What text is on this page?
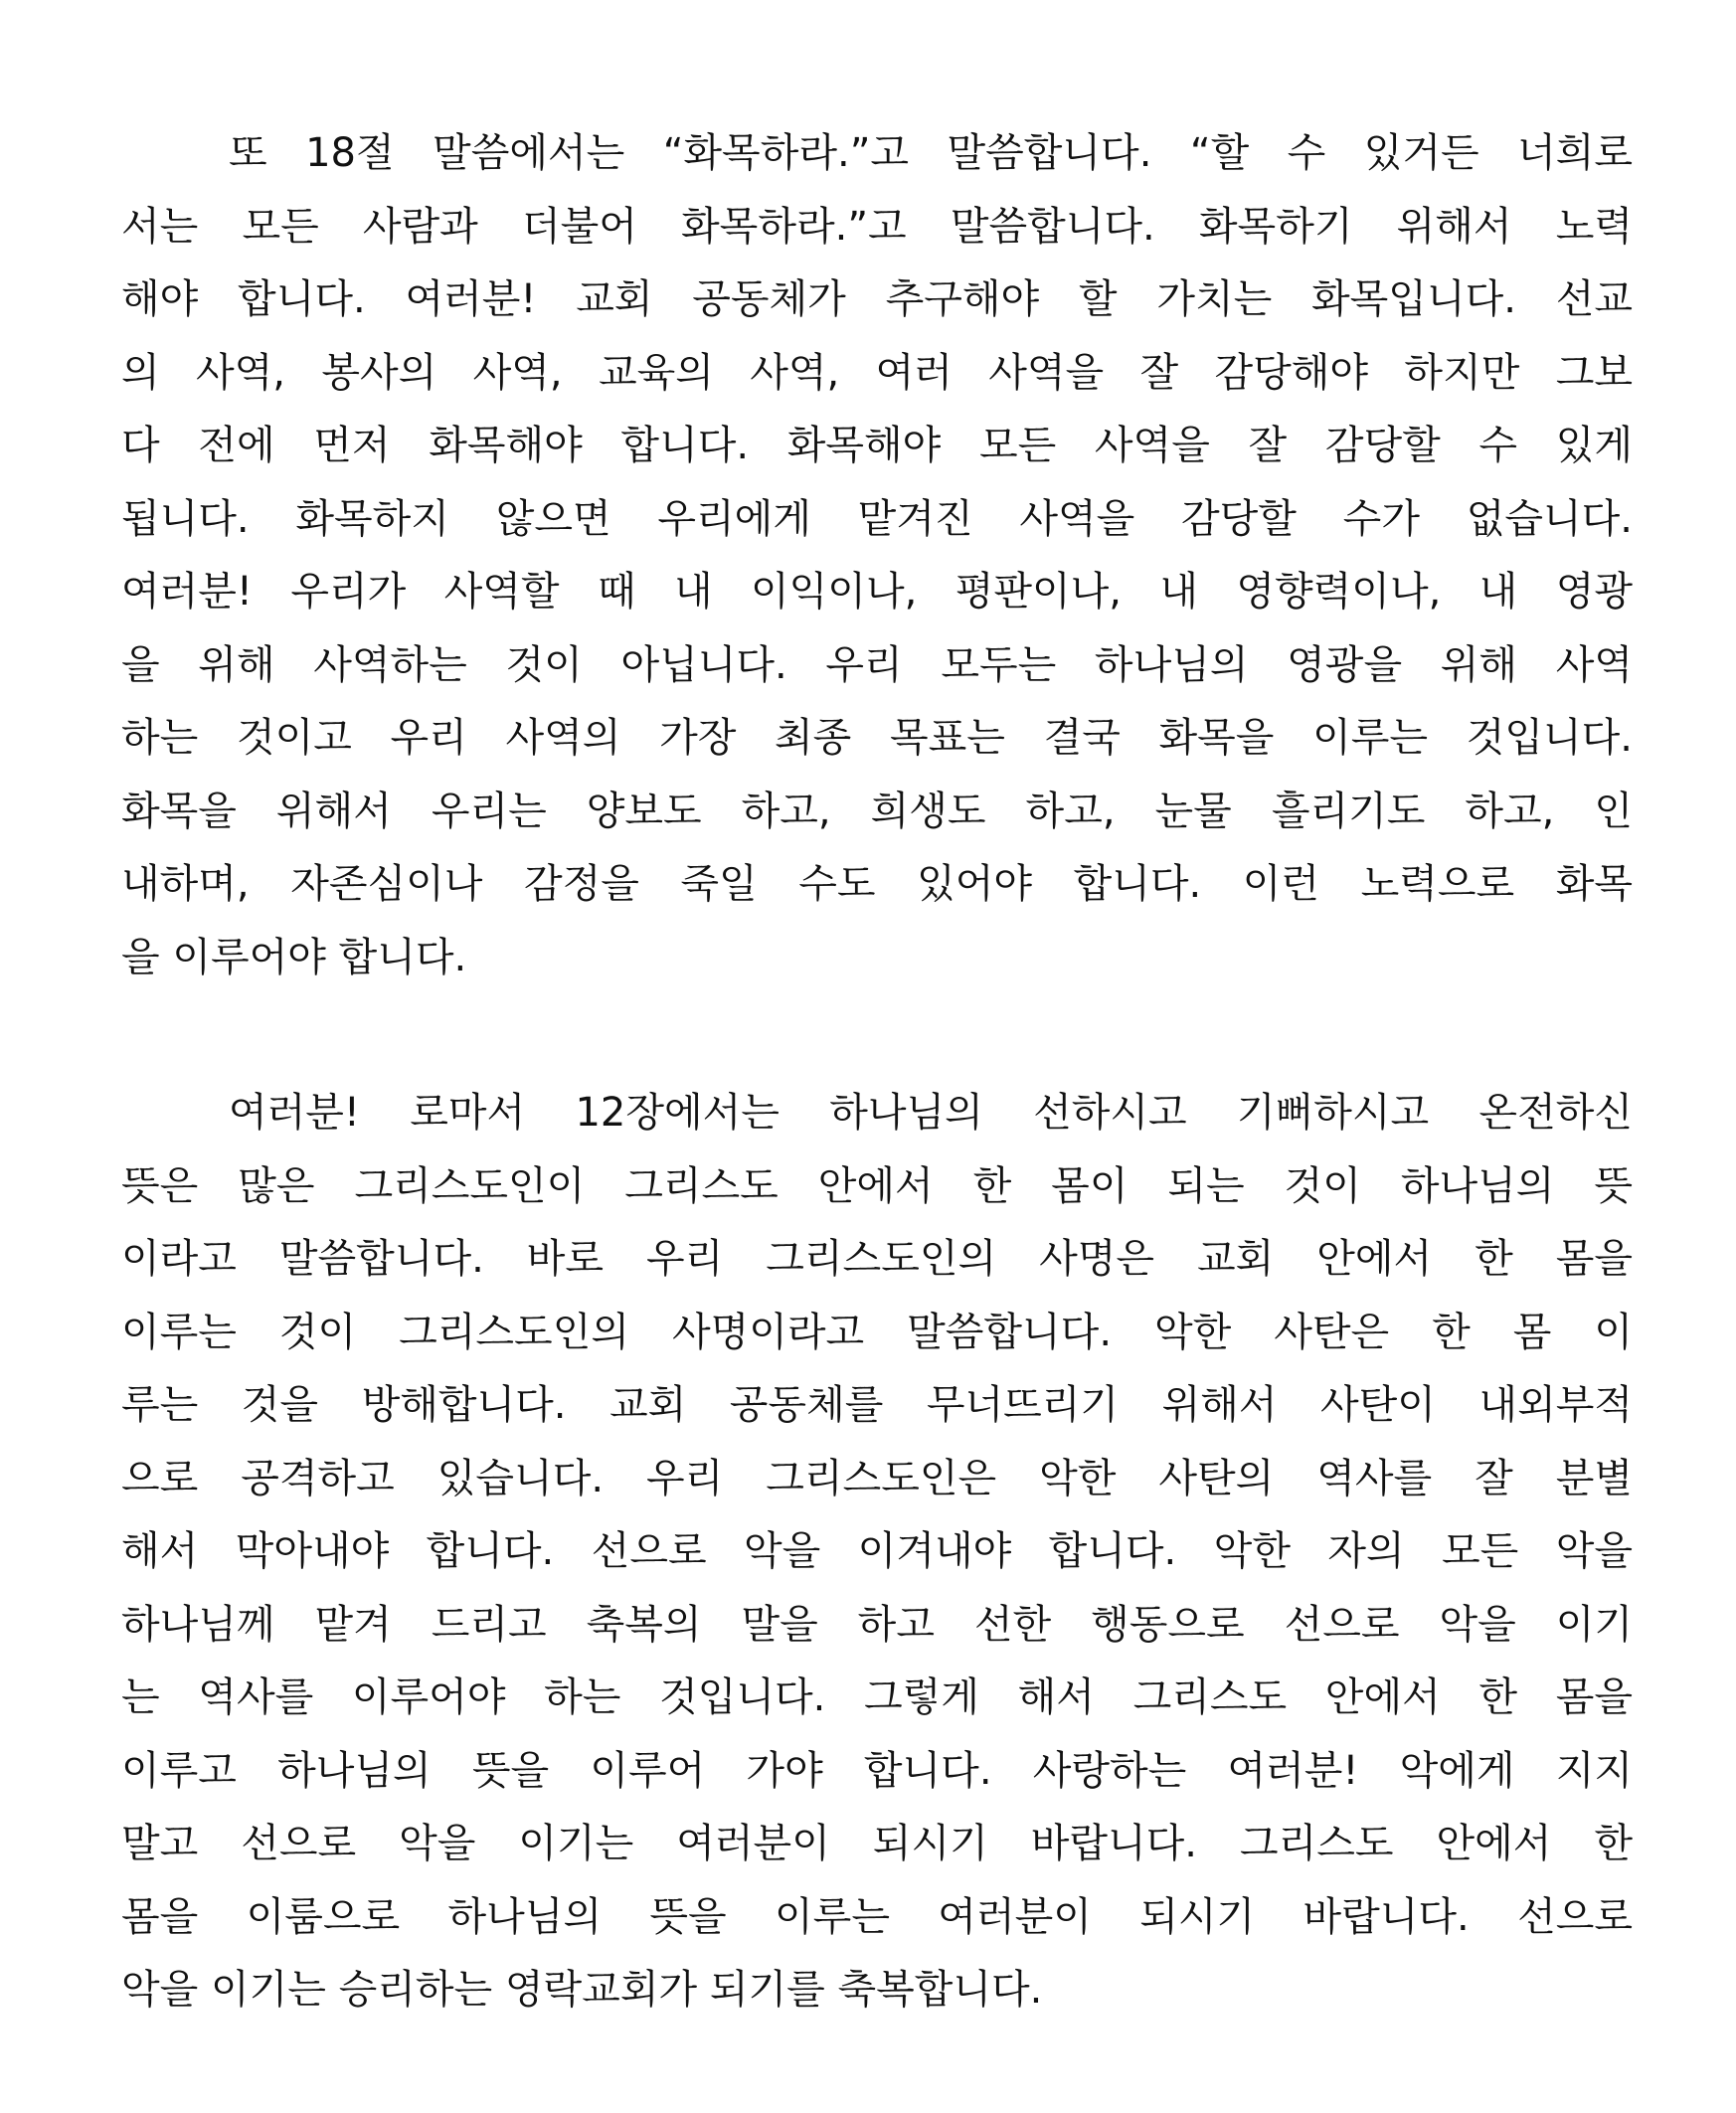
또 18절 말씀에서는 “화목하라.”고 말씀합니다. “할 수 있거든 너희로
서는 모든 사람과 더불어 화목하라.”고 말씀합니다. 화목하기 위해서 노력
해야 합니다. 여러분! 교회 공동체가 추구해야 할 가치는 화목입니다. 선교
의 사역, 봉사의 사역, 교육의 사역, 여러 사역을 잘 감당해야 하지만 그보
다 전에 먼저 화목해야 합니다. 화목해야 모든 사역을 잘 감당할 수 있게
됩니다. 화목하지 않으면 우리에게 맡겨진 사역을 감당할 수가 없습니다.
여러분! 우리가 사역할 때 내 이익이나, 평판이나, 내 영향력이나, 내 영광
을 위해 사역하는 것이 아닙니다. 우리 모두는 하나님의 영광을 위해 사역
하는 것이고 우리 사역의 가장 최종 목표는 결국 화목을 이루는 것입니다.
화목을 위해서 우리는 양보도 하고, 희생도 하고, 눈물 흘리기도 하고, 인
내하며, 자존심이나 감정을 죽일 수도 있어야 합니다. 이런 노력으로 화목
을 이루어야 합니다.

여러분! 로마서 12장에서는 하나님의 선하시고 기뻐하시고 온전하신
뜻은 많은 그리스도인이 그리스도 안에서 한 몸이 되는 것이 하나님의 뜻
이라고 말씀합니다. 바로 우리 그리스도인의 사명은 교회 안에서 한 몸을
이루는 것이 그리스도인의 사명이라고 말씀합니다. 악한 사탄은 한 몸 이
루는 것을 방해합니다. 교회 공동체를 무너뜨리기 위해서 사탄이 내외부적
으로 공격하고 있습니다. 우리 그리스도인은 악한 사탄의 역사를 잘 분별
해서 막아내야 합니다. 선으로 악을 이겨내야 합니다. 악한 자의 모든 악을
하나님께 맡겨 드리고 축복의 말을 하고 선한 행동으로 선으로 악을 이기
는 역사를 이루어야 하는 것입니다. 그렇게 해서 그리스도 안에서 한 몸을
이루고 하나님의 뜻을 이루어 가야 합니다. 사랑하는 여러분! 악에게 지지
말고 선으로 악을 이기는 여러분이 되시기 바랍니다. 그리스도 안에서 한
몸을 이룸으로 하나님의 뜻을 이루는 여러분이 되시기 바랍니다. 선으로
악을 이기는 승리하는 영락교회가 되기를 축복합니다.
